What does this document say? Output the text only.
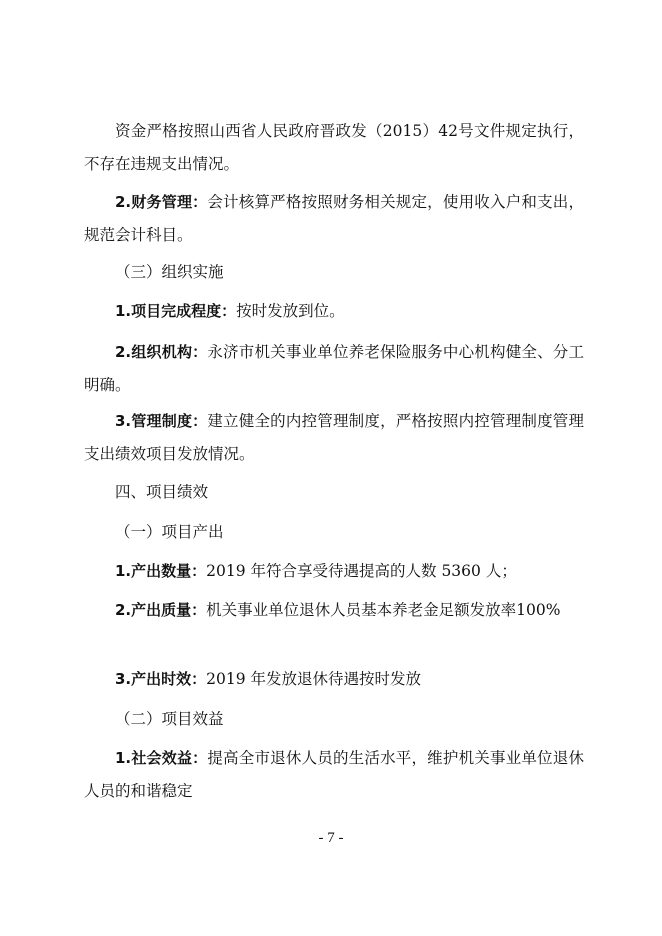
资金严格按照山西省人民政府晋政发（2015）42号文件规定执行，不存在违规支出情况。

2.财务管理：会计核算严格按照财务相关规定，使用收入户和支出，规范会计科目。

（三）组织实施

1.项目完成程度：按时发放到位。

2.组织机构：永济市机关事业单位养老保险服务中心机构健全、分工明确。

3.管理制度：建立健全的内控管理制度，严格按照内控管理制度管理支出绩效项目发放情况。

四、项目绩效

（一）项目产出

1.产出数量：2019 年符合享受待遇提高的人数 5360 人；

2.产出质量：机关事业单位退休人员基本养老金足额发放率100%

3.产出时效：2019 年发放退休待遇按时发放

（二）项目效益

1.社会效益：提高全市退休人员的生活水平，维护机关事业单位退休人员的和谐稳定

- 7 -
